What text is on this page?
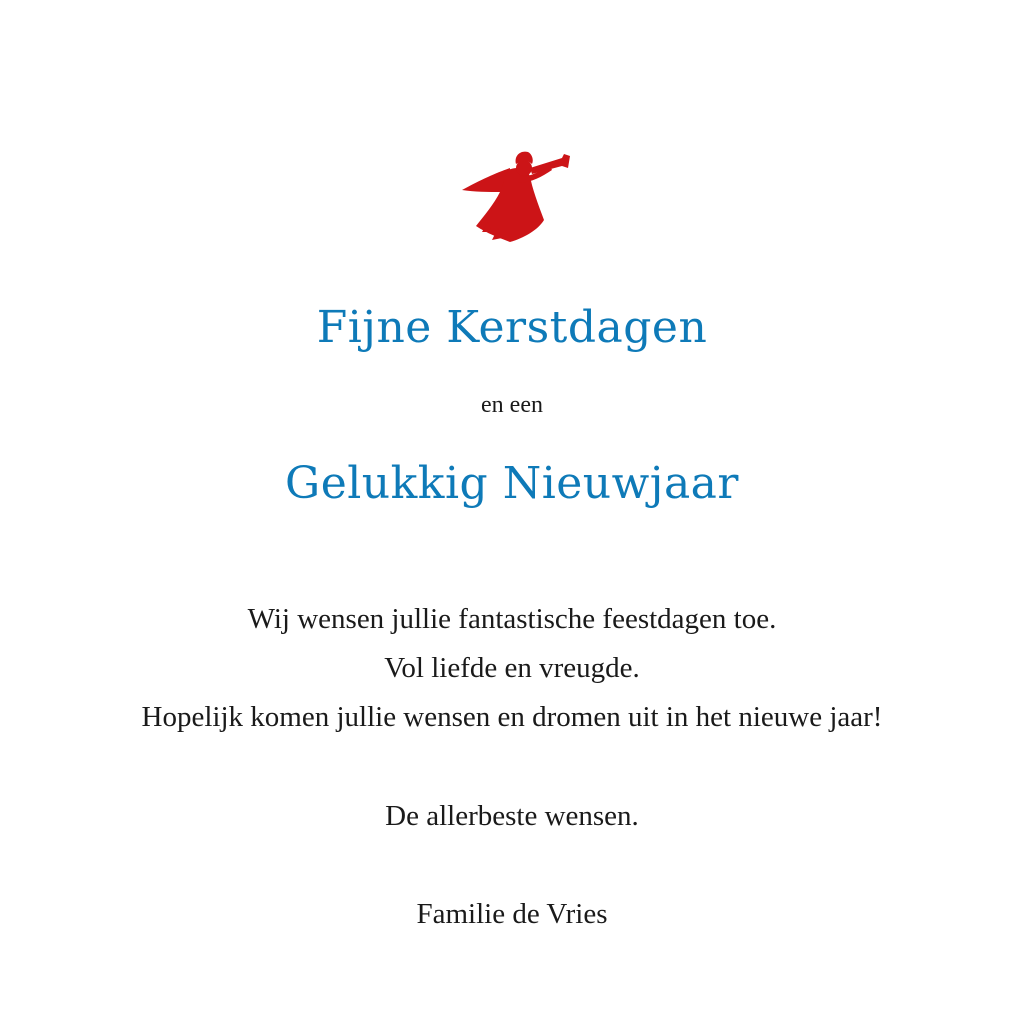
Fijne Kerstdagen
en een
Gelukkig Nieuwjaar
Wij wensen jullie fantastische feestdagen toe.
Vol liefde en vreugde.
Hopelijk komen jullie wensen en dromen uit in het nieuwe jaar!
De allerbeste wensen.
Familie de Vries
